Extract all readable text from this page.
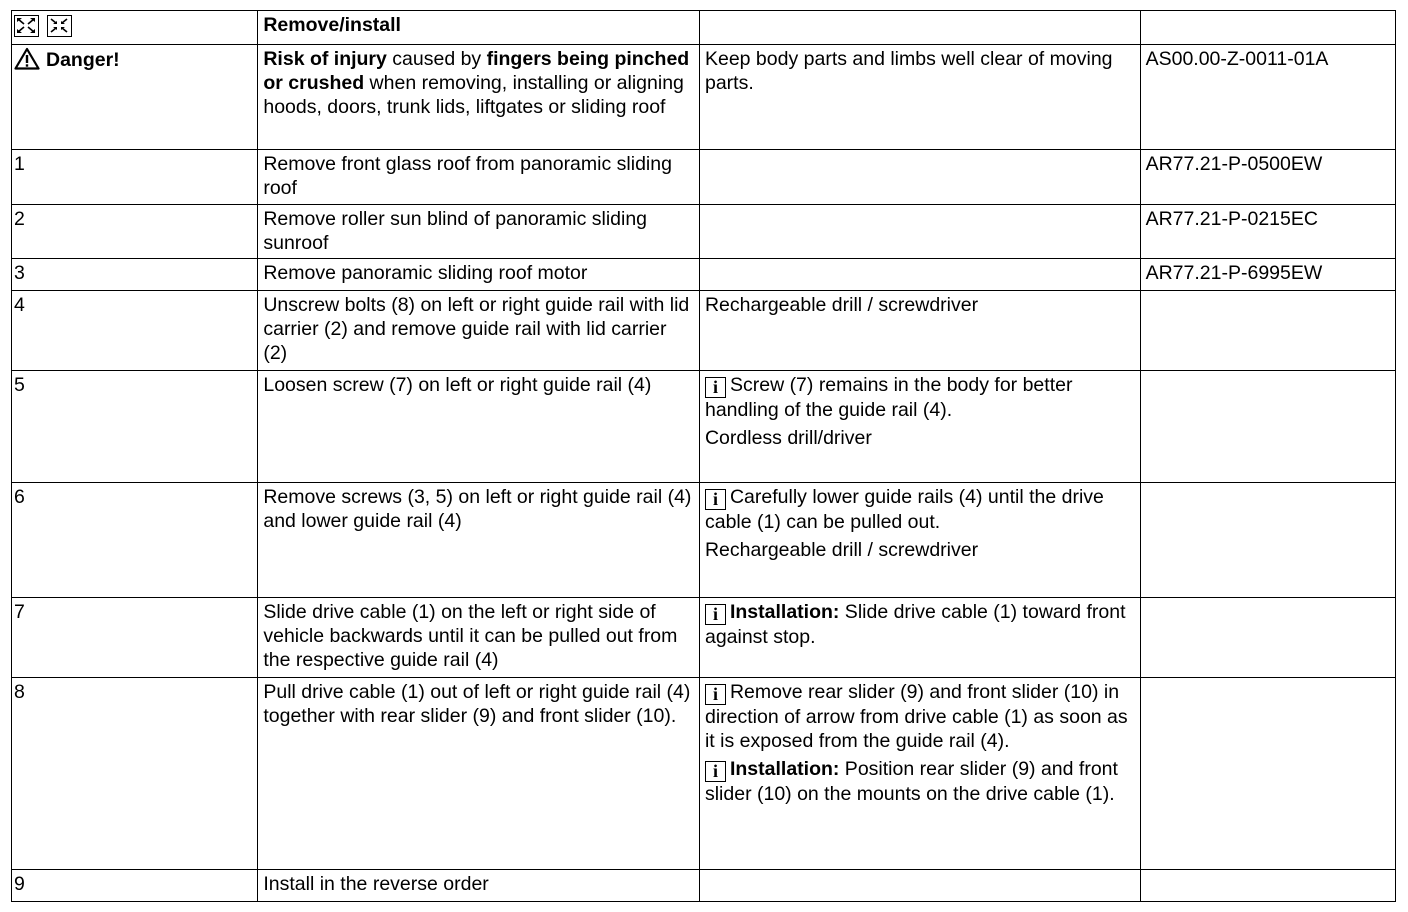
	Remove/install		
Danger!	Risk of injury caused by fingers being pinched or crushed when removing, installing or aligning hoods, doors, trunk lids, liftgates or sliding roof	Keep body parts and limbs well clear of moving parts.	AS00.00-Z-0011-01A
1	Remove front glass roof from panoramic sliding roof		AR77.21-P-0500EW
2	Remove roller sun blind of panoramic sliding sunroof		AR77.21-P-0215EC
3	Remove panoramic sliding roof motor		AR77.21-P-6995EW
4	Unscrew bolts (8) on left or right guide rail with lid carrier (2) and remove guide rail with lid carrier (2)	Rechargeable drill / screwdriver	
5	Loosen screw (7) on left or right guide rail (4)	i Screw (7) remains in the body for better handling of the guide rail (4).
Cordless drill/driver	

6	Remove screws (3, 5) on left or right guide rail (4) and lower guide rail (4)	i Carefully lower guide rails (4) until the drive cable (1) can be pulled out.
Rechargeable drill / screwdriver	

7	Slide drive cable (1) on the left or right side of vehicle backwards until it can be pulled out from the respective guide rail (4)	i Installation: Slide drive cable (1) toward front against stop.	

8	Pull drive cable (1) out of left or right guide rail (4) together with rear slider (9) and front slider (10).	i Remove rear slider (9) and front slider (10) in direction of arrow from drive cable (1) as soon as it is exposed from the guide rail (4).
i Installation: Position rear slider (9) and front slider (10) on the mounts on the drive cable (1).	

9	Install in the reverse order		
